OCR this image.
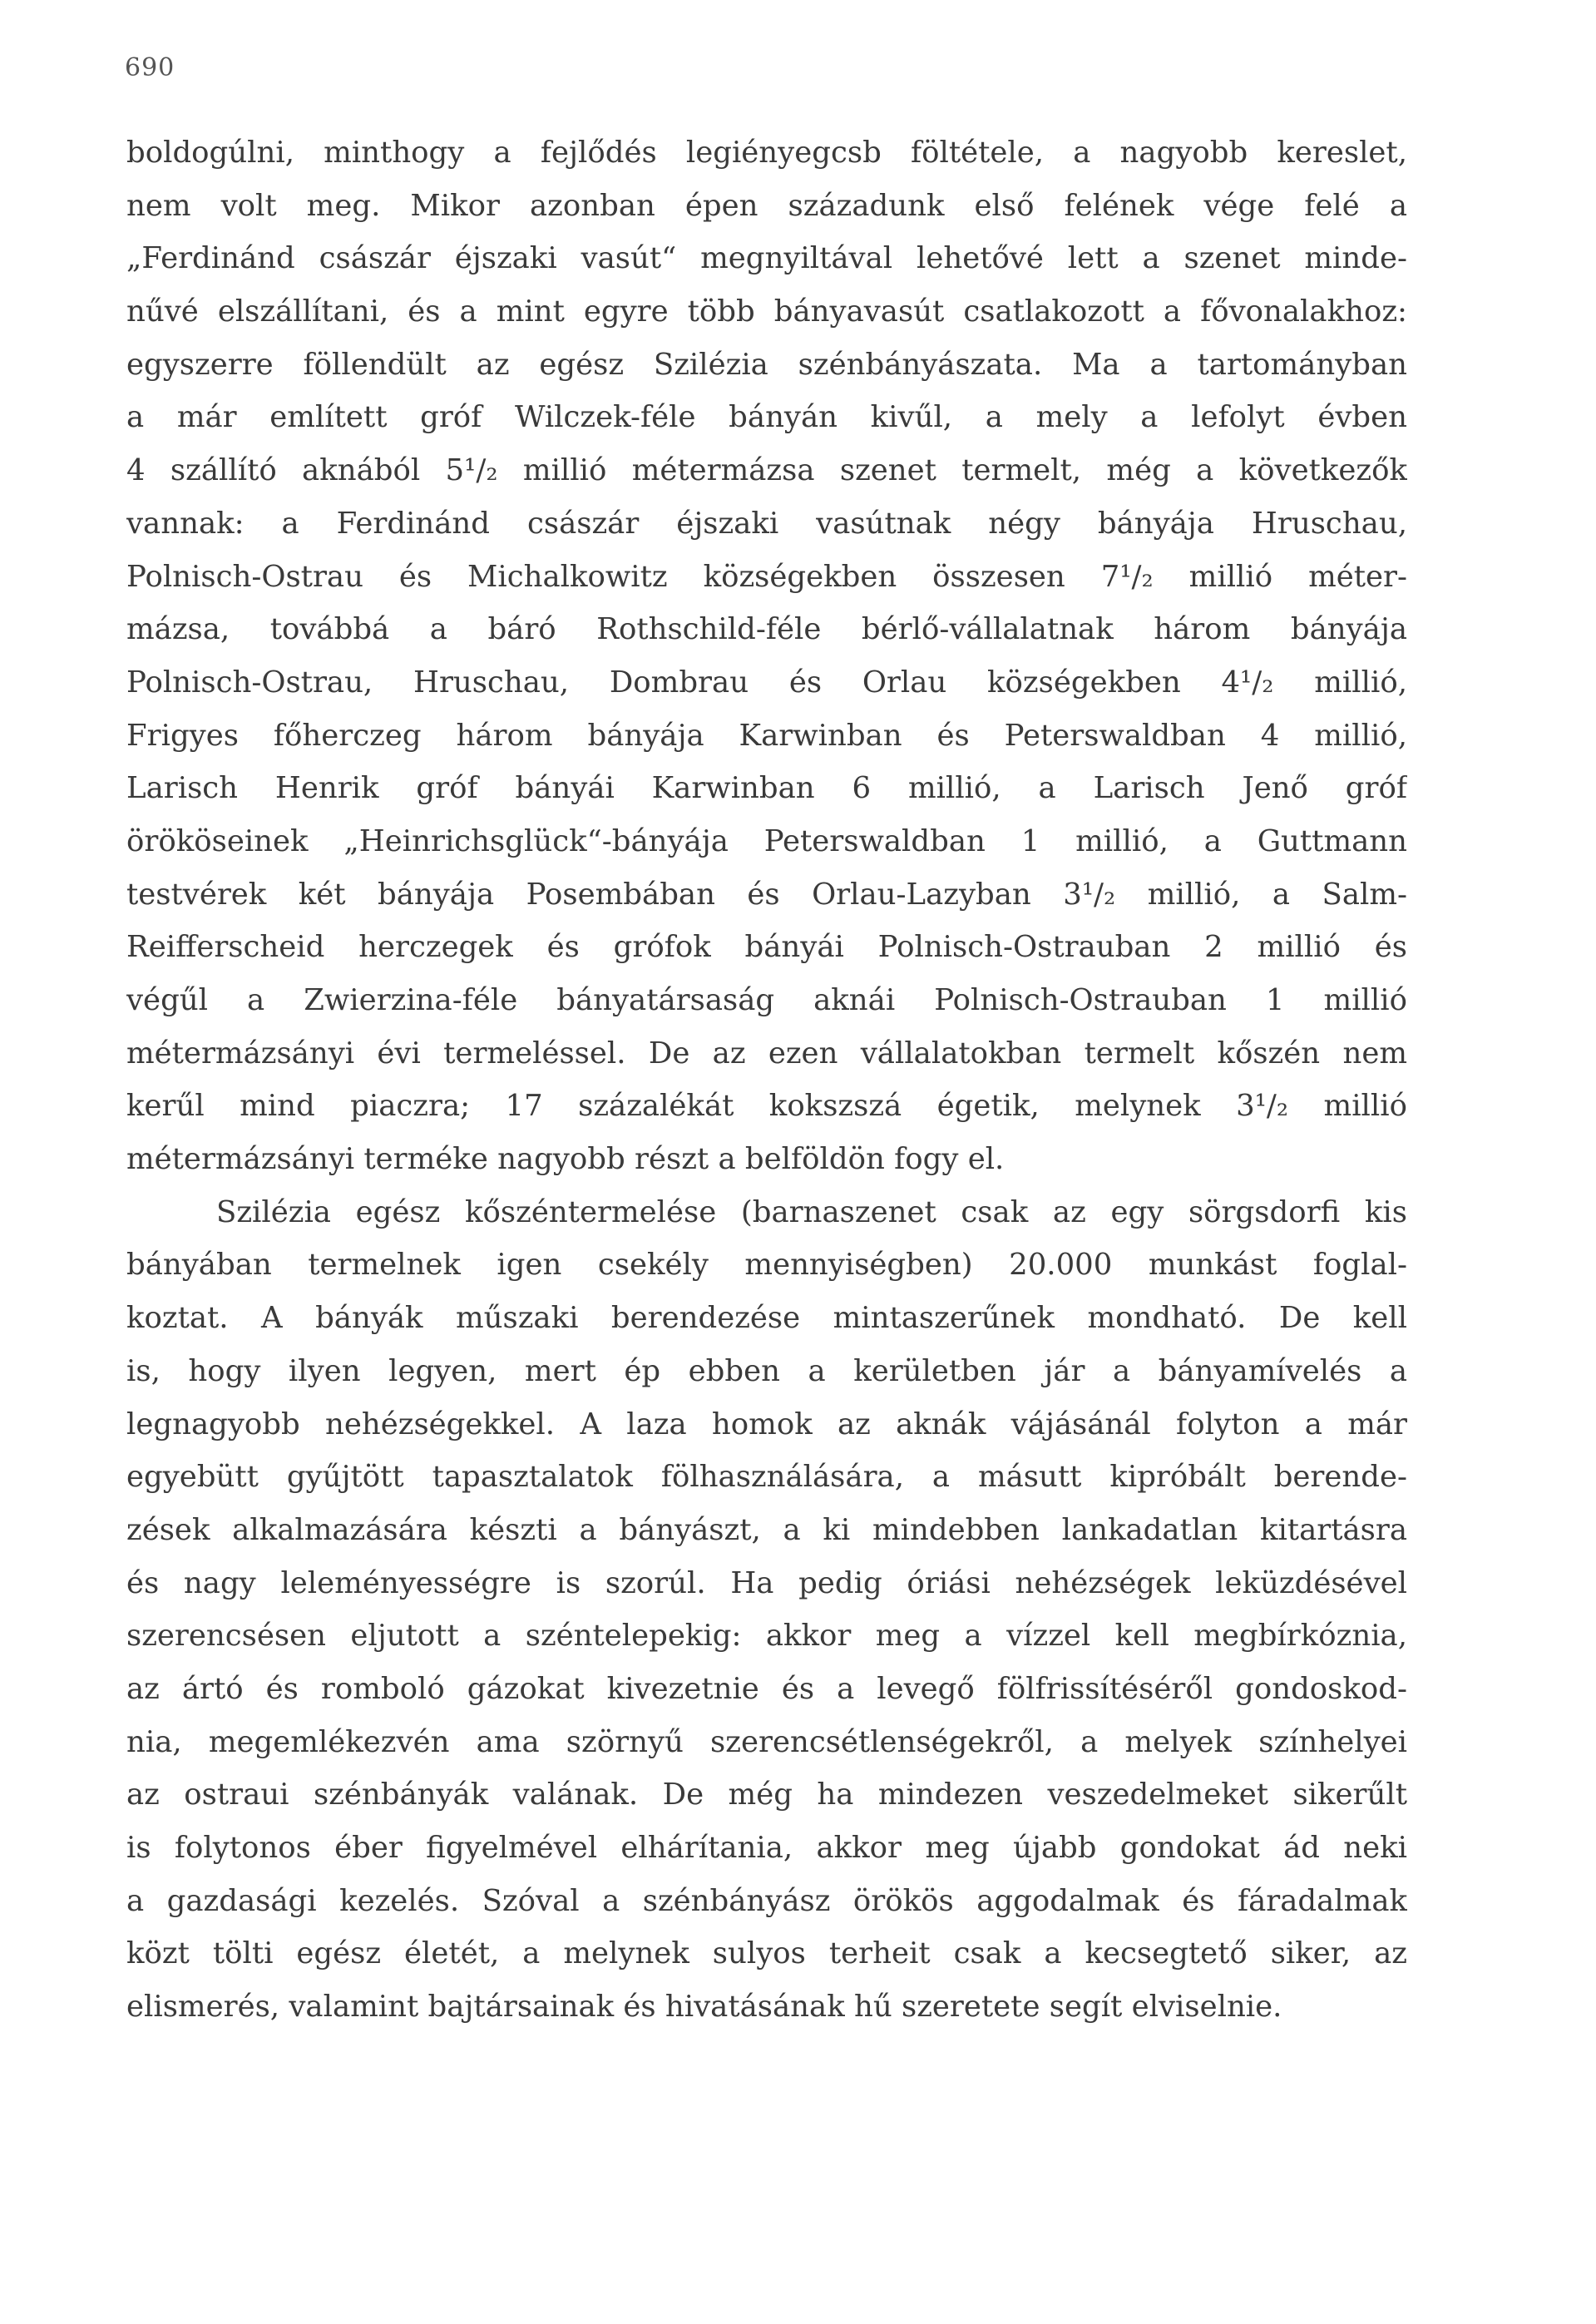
690
boldogúlni, minthogy a fejlődés legiényegcsb föltétele, a nagyobb kereslet,
nem volt meg. Mikor azonban épen századunk első felének vége felé a
„Ferdinánd császár éjszaki vasút“ megnyiltával lehetővé lett a szenet minde-
nűvé elszállítani, és a mint egyre több bányavasút csatlakozott a fővonalakhoz:
egyszerre föllendült az egész Szilézia szénbányászata. Ma a tartományban
a már említett gróf Wilczek-féle bányán kivűl, a mely a lefolyt évben
4 szállító aknából 5¹/₂ millió métermázsa szenet termelt, még a következők
vannak: a Ferdinánd császár éjszaki vasútnak négy bányája Hruschau,
Polnisch-Ostrau és Michalkowitz községekben összesen 7¹/₂ millió méter-
mázsa, továbbá a báró Rothschild-féle bérlő-vállalatnak három bányája
Polnisch-Ostrau, Hruschau, Dombrau és Orlau községekben 4¹/₂ millió,
Frigyes főherczeg három bányája Karwinban és Peterswaldban 4 millió,
Larisch Henrik gróf bányái Karwinban 6 millió, a Larisch Jenő gróf
örököseinek „Heinrichsglück“-bányája Peterswaldban 1 millió, a Guttmann
testvérek két bányája Posembában és Orlau-Lazyban 3¹/₂ millió, a Salm-
Reifferscheid herczegek és grófok bányái Polnisch-Ostrauban 2 millió és
végűl a Zwierzina-féle bányatársaság aknái Polnisch-Ostrauban 1 millió
métermázsányi évi termeléssel. De az ezen vállalatokban termelt kőszén nem
kerűl mind piaczra; 17 százalékát kokszszá égetik, melynek 3¹/₂ millió
métermázsányi terméke nagyobb részt a belföldön fogy el.
Szilézia egész kőszéntermelése (barnaszenet csak az egy sörgsdorfi kis
bányában termelnek igen csekély mennyiségben) 20.000 munkást foglal-
koztat. A bányák műszaki berendezése mintaszerűnek mondható. De kell
is, hogy ilyen legyen, mert ép ebben a kerületben jár a bányamívelés a
legnagyobb nehézségekkel. A laza homok az aknák vájásánál folyton a már
egyebütt gyűjtött tapasztalatok fölhasználására, a másutt kipróbált berende-
zések alkalmazására készti a bányászt, a ki mindebben lankadatlan kitartásra
és nagy leleményességre is szorúl. Ha pedig óriási nehézségek leküzdésével
szerencsésen eljutott a széntelepekig: akkor meg a vízzel kell megbírkóznia,
az ártó és romboló gázokat kivezetnie és a levegő fölfrissítéséről gondoskod-
nia, megemlékezvén ama szörnyű szerencsétlenségekről, a melyek színhelyei
az ostraui szénbányák valának. De még ha mindezen veszedelmeket sikerűlt
is folytonos éber figyelmével elhárítania, akkor meg újabb gondokat ád neki
a gazdasági kezelés. Szóval a szénbányász örökös aggodalmak és fáradalmak
közt tölti egész életét, a melynek sulyos terheit csak a kecsegtető siker, az
elismerés, valamint bajtársainak és hivatásának hű szeretete segít elviselnie.
